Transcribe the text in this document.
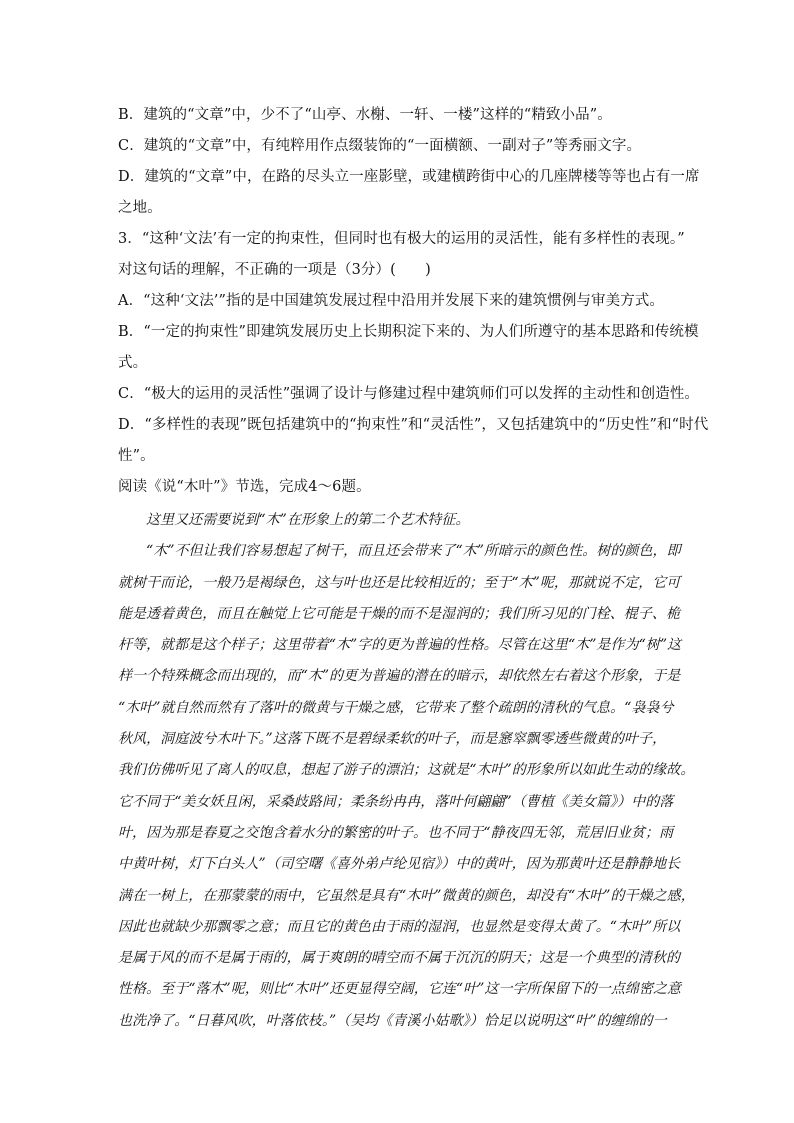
B．建筑的“文章”中，少不了“山亭、水榭、一轩、一楼”这样的“精致小品”。

C．建筑的“文章”中，有纯粹用作点缀装饰的“一面横额、一副对子”等秀丽文字。

D．建筑的“文章”中，在路的尽头立一座影壁，或建横跨街中心的几座牌楼等等也占有一席

之地。

3．“这种‘文法’有一定的拘束性，但同时也有极大的运用的灵活性，能有多样性的表现。”

对这句话的理解，不正确的一项是（3分）(　　)

A．“这种‘文法’”指的是中国建筑发展过程中沿用并发展下来的建筑惯例与审美方式。

B．“一定的拘束性”即建筑发展历史上长期积淀下来的、为人们所遵守的基本思路和传统模

式。

C．“极大的运用的灵活性”强调了设计与修建过程中建筑师们可以发挥的主动性和创造性。

D．“多样性的表现”既包括建筑中的“拘束性”和“灵活性”，又包括建筑中的“历史性”和“时代

性”。

阅读《说“木叶”》节选，完成4～6题。

这里又还需要说到“木”在形象上的第二个艺术特征。

“木”不但让我们容易想起了树干，而且还会带来了“木”所暗示的颜色性。树的颜色，即

就树干而论，一般乃是褐绿色，这与叶也还是比较相近的；至于“木”呢，那就说不定，它可

能是透着黄色，而且在触觉上它可能是干燥的而不是湿润的；我们所习见的门栓、棍子、桅

杆等，就都是这个样子；这里带着“木”字的更为普遍的性格。尽管在这里“木”是作为“树”这

样一个特殊概念而出现的，而“木”的更为普遍的潜在的暗示，却依然左右着这个形象，于是

“木叶”就自然而然有了落叶的微黄与干燥之感，它带来了整个疏朗的清秋的气息。“袅袅兮

秋风，洞庭波兮木叶下。”这落下既不是碧绿柔软的叶子，而是窸窣飘零透些微黄的叶子，

我们仿佛听见了离人的叹息，想起了游子的漂泊；这就是“木叶”的形象所以如此生动的缘故。

它不同于“美女妖且闲，采桑歧路间；柔条纷冉冉，落叶何翩翩”（曹植《美女篇》）中的落

叶，因为那是春夏之交饱含着水分的繁密的叶子。也不同于“静夜四无邻，荒居旧业贫；雨

中黄叶树，灯下白头人”（司空曙《喜外弟卢纶见宿》）中的黄叶，因为那黄叶还是静静地长

满在一树上，在那蒙蒙的雨中，它虽然是具有“木叶”微黄的颜色，却没有“木叶”的干燥之感，

因此也就缺少那飘零之意；而且它的黄色由于雨的湿润，也显然是变得太黄了。“木叶”所以

是属于风的而不是属于雨的，属于爽朗的晴空而不属于沉沉的阴天；这是一个典型的清秋的

性格。至于“落木”呢，则比“木叶”还更显得空阔，它连“叶”这一字所保留下的一点绵密之意

也洗净了。“日暮风吹，叶落依枝。”（吴均《青溪小姑歌》）恰足以说明这“叶”的缠绵的一
